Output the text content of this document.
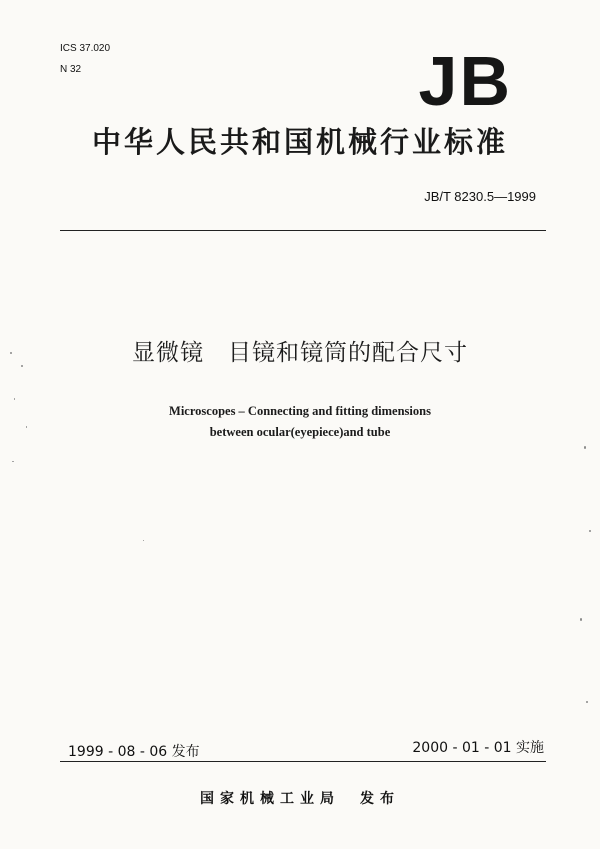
ICS 37.020
N 32	JB
中华人民共和国机械行业标准
JB/T 8230.5—1999
显微镜　目镜和镜筒的配合尺寸
Microscopes – Connecting and fitting dimensions
between ocular(eyepiece)and tube
1999 - 08 - 06 发布	2000 - 01 - 01 实施
国家机械工业局　发布
